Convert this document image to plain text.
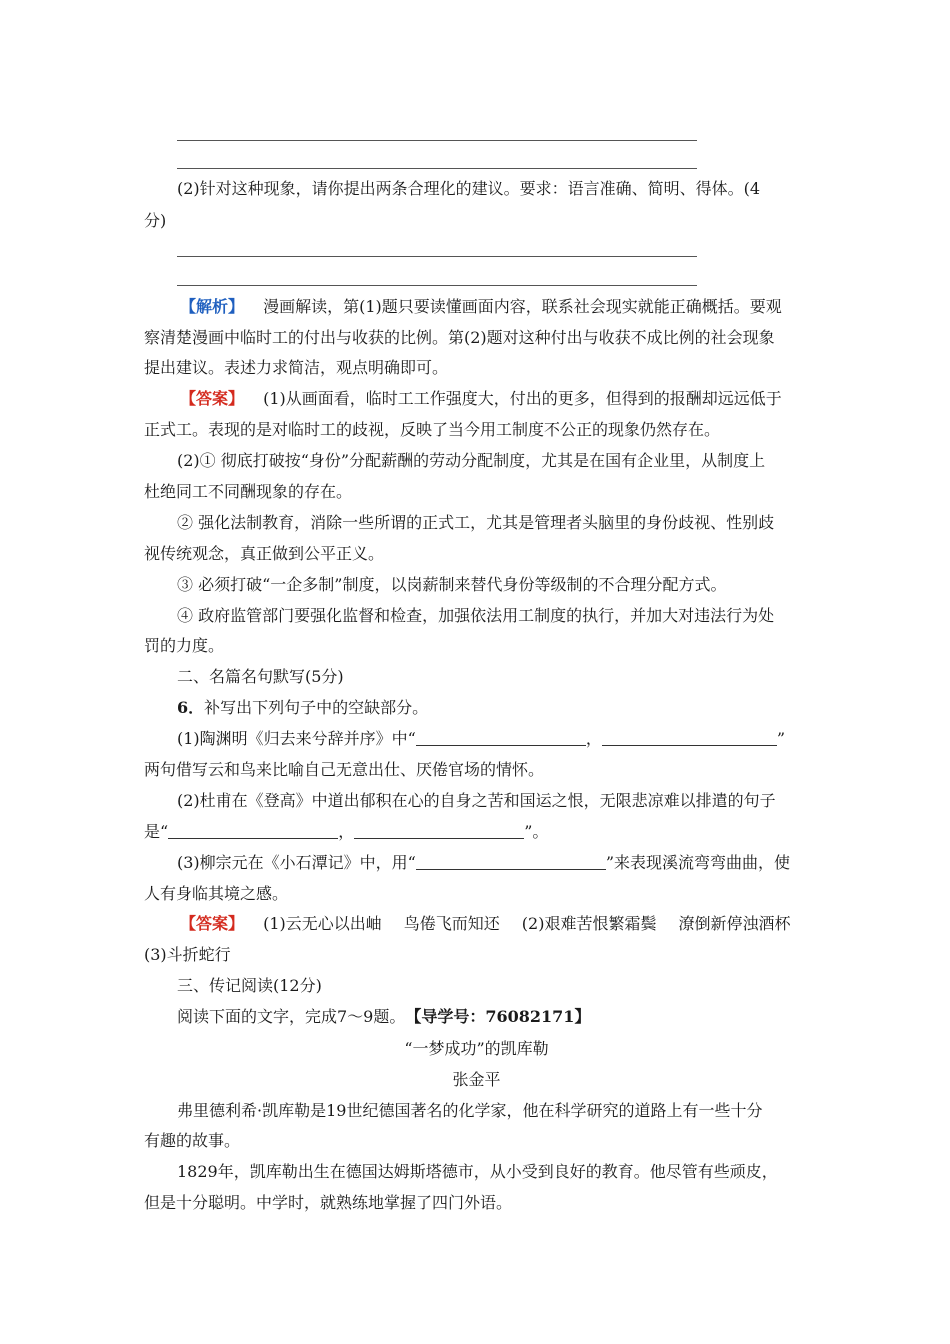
(2)针对这种现象，请你提出两条合理化的建议。要求：语言准确、简明、得体。(4
分)
【解析】 漫画解读，第(1)题只要读懂画面内容，联系社会现实就能正确概括。要观
察清楚漫画中临时工的付出与收获的比例。第(2)题对这种付出与收获不成比例的社会现象
提出建议。表述力求简洁，观点明确即可。
【答案】 (1)从画面看，临时工工作强度大，付出的更多，但得到的报酬却远远低于
正式工。表现的是对临时工的歧视，反映了当今用工制度不公正的现象仍然存在。
(2)① 彻底打破按“身份”分配薪酬的劳动分配制度，尤其是在国有企业里，从制度上
杜绝同工不同酬现象的存在。
② 强化法制教育，消除一些所谓的正式工，尤其是管理者头脑里的身份歧视、性别歧
视传统观念，真正做到公平正义。
③ 必须打破“一企多制”制度，以岗薪制来替代身份等级制的不合理分配方式。
④ 政府监管部门要强化监督和检查，加强依法用工制度的执行，并加大对违法行为处
罚的力度。
二、名篇名句默写(5分)
6．补写出下列句子中的空缺部分。
(1)陶渊明《归去来兮辞并序》中“	，	”
两句借写云和鸟来比喻自己无意出仕、厌倦官场的情怀。
(2)杜甫在《登高》中道出郁积在心的自身之苦和国运之恨，无限悲凉难以排遣的句子
是“	，	”。
(3)柳宗元在《小石潭记》中，用“	”来表现溪流弯弯曲曲，使
人有身临其境之感。
【答案】 (1)云无心以出岫 鸟倦飞而知还 (2)艰难苦恨繁霜鬓 潦倒新停浊酒杯
(3)斗折蛇行
三、传记阅读(12分)
阅读下面的文字，完成7～9题。 【导学号：76082171】
“一梦成功”的凯库勒
张金平
弗里德利希·凯库勒是19世纪德国著名的化学家，他在科学研究的道路上有一些十分
有趣的故事。
1829年，凯库勒出生在德国达姆斯塔德市，从小受到良好的教育。他尽管有些顽皮，
但是十分聪明。中学时，就熟练地掌握了四门外语。
